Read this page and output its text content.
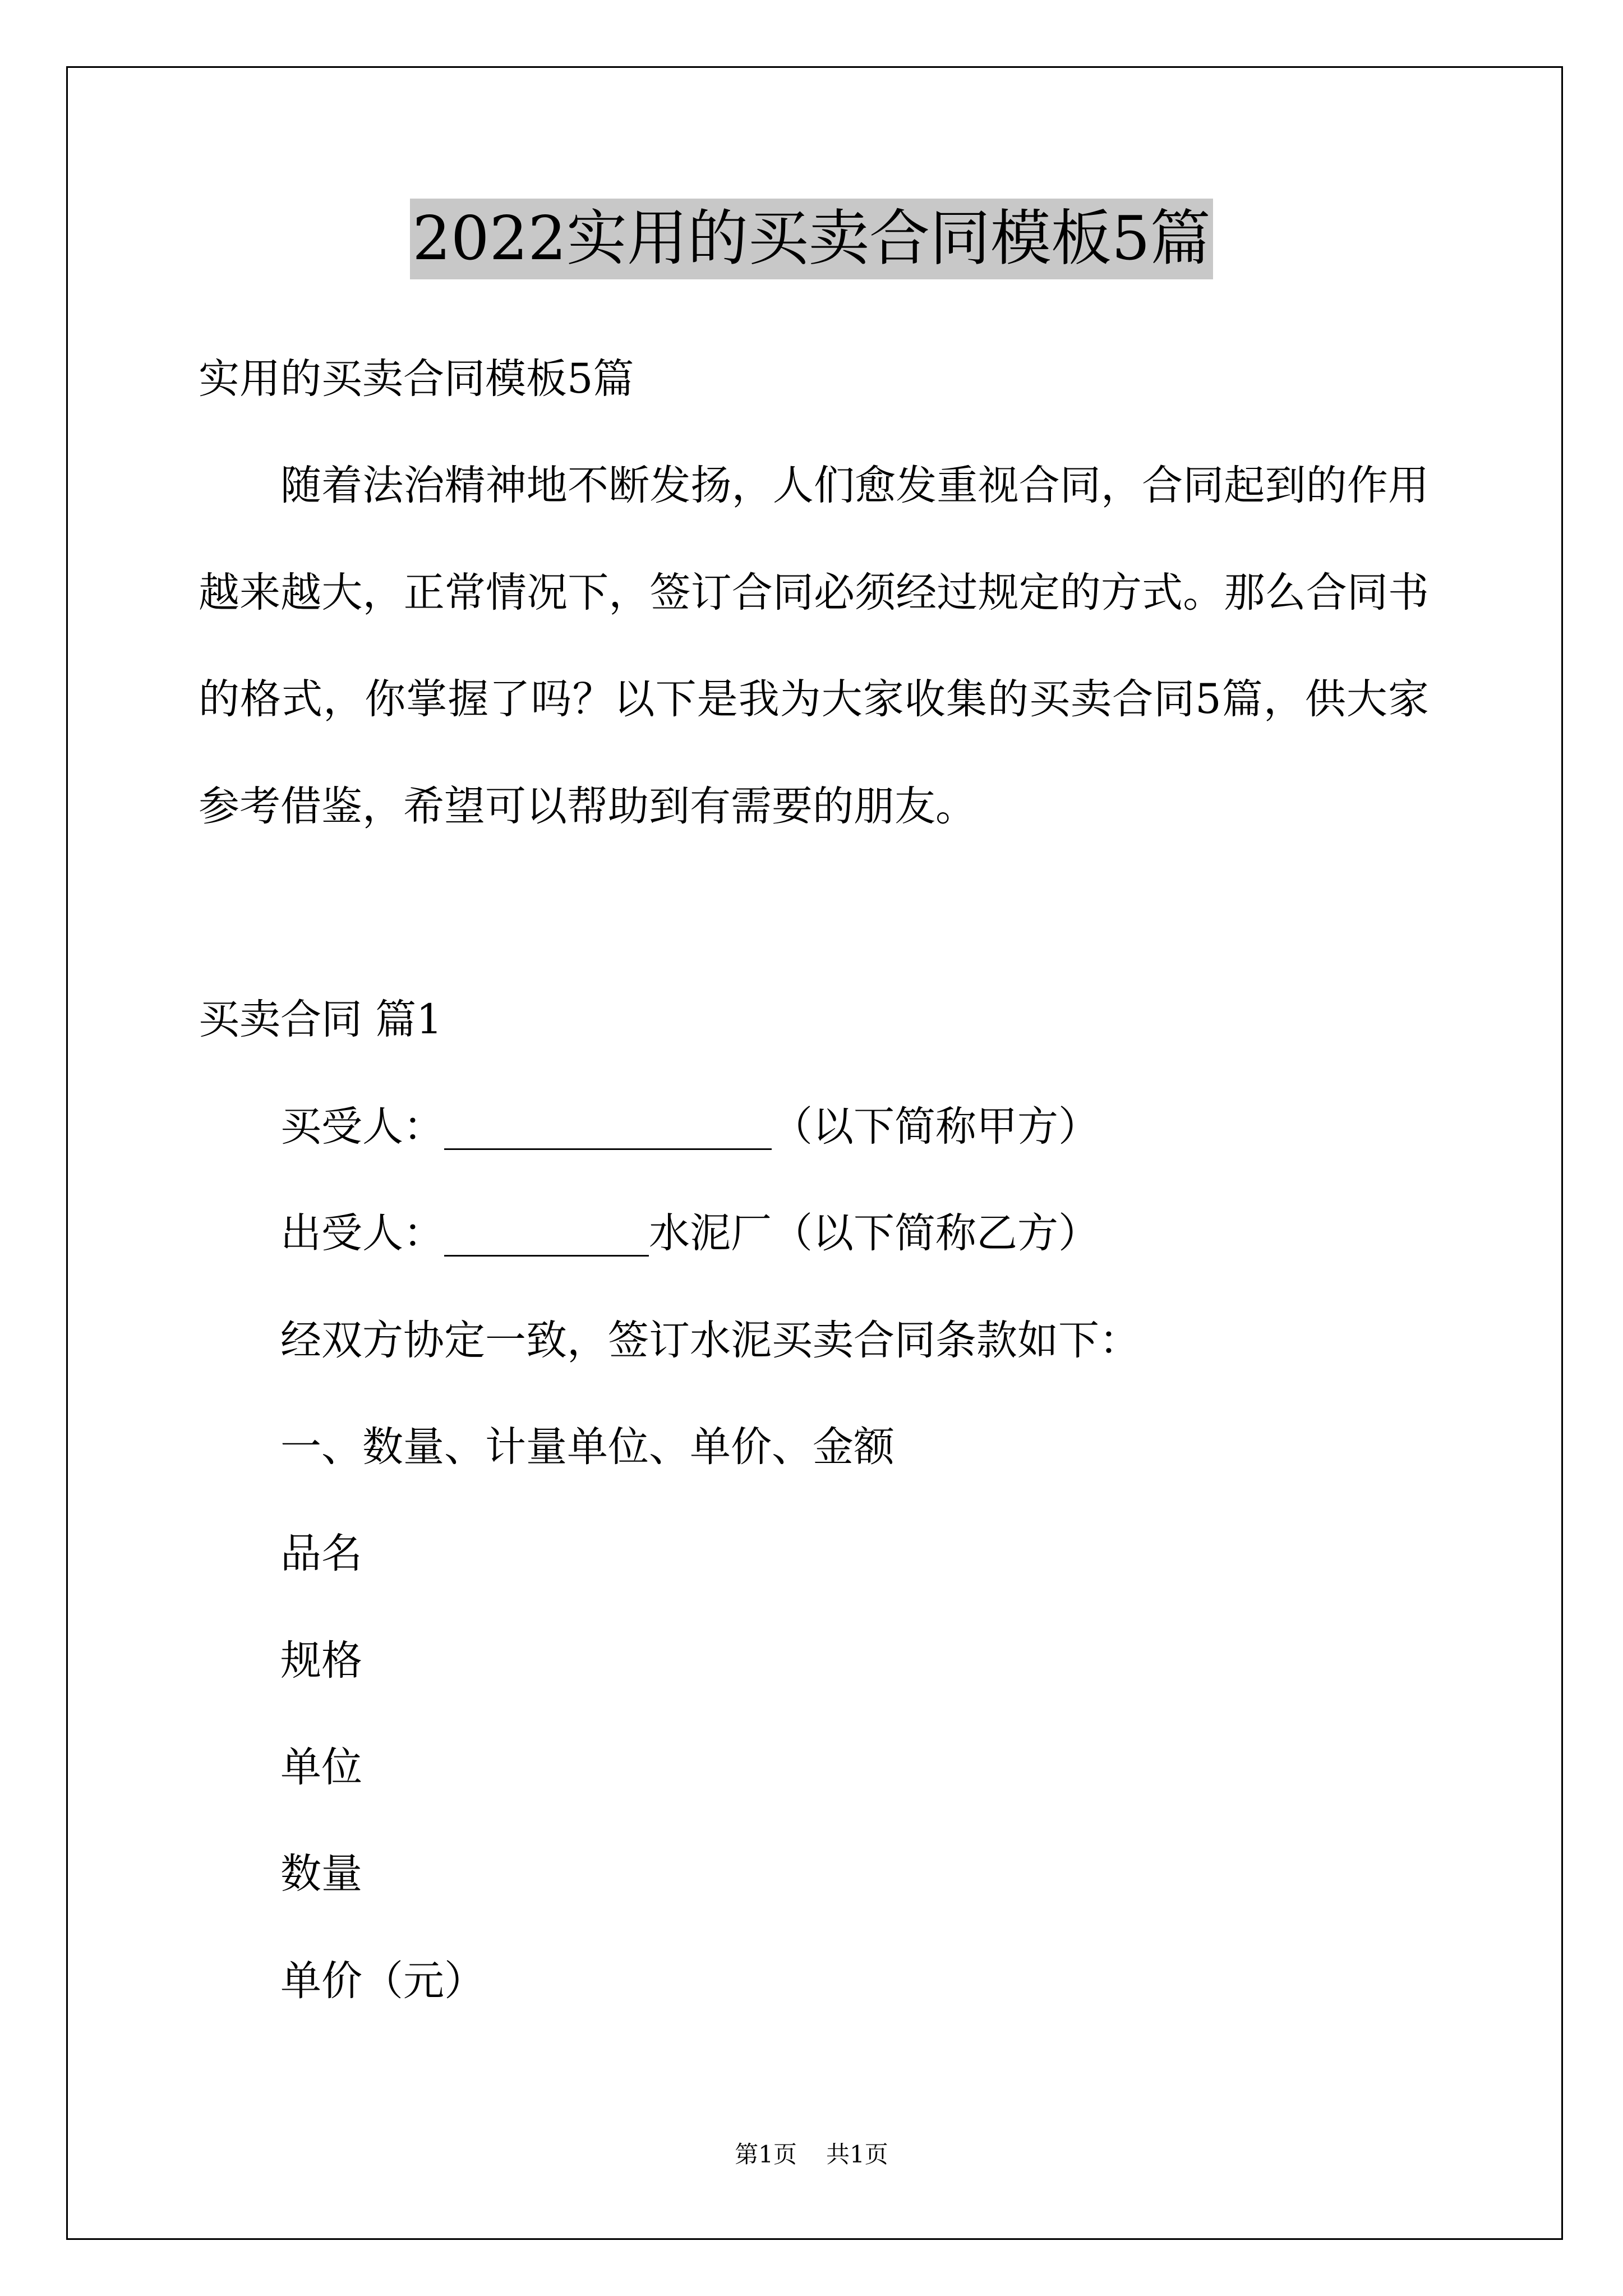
2022实用的买卖合同模板5篇
实用的买卖合同模板5篇
随着法治精神地不断发扬，人们愈发重视合同，合同起到的作用
越来越大，正常情况下，签订合同必须经过规定的方式。那么合同书
的格式，你掌握了吗？以下是我为大家收集的买卖合同5篇，供大家
参考借鉴，希望可以帮助到有需要的朋友。
买卖合同 篇1
买受人：________________（以下简称甲方）
出受人：__________水泥厂（以下简称乙方）
经双方协定一致，签订水泥买卖合同条款如下：
一、数量、计量单位、单价、金额
品名
规格
单位
数量
单价（元）
第1页 共1页
